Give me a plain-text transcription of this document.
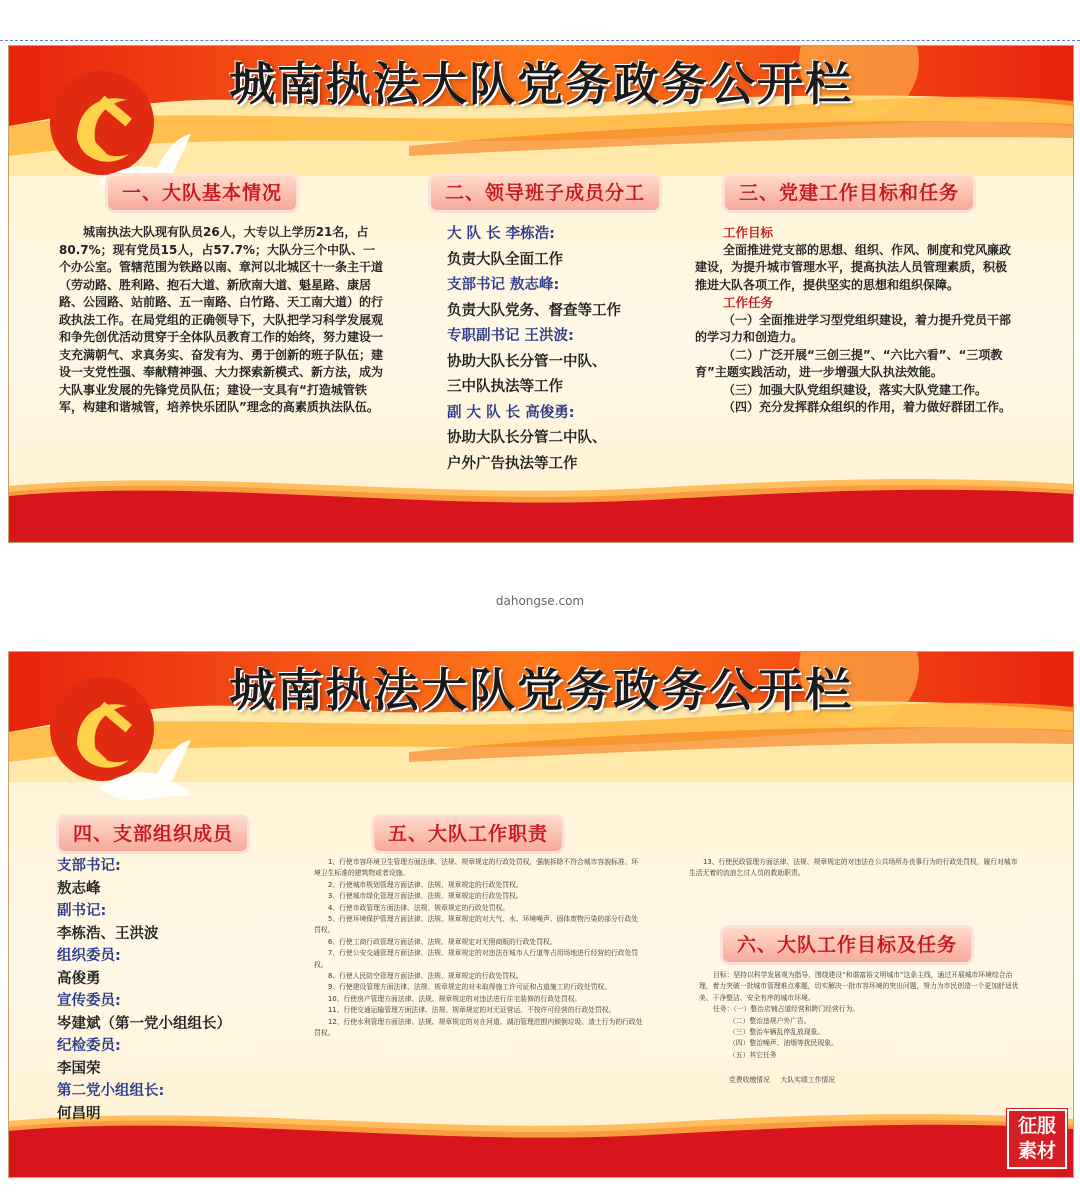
城南执法大队党务政务公开栏
一、大队基本情况
城南执法大队现有队员26人，大专以上学历21名，占80.7%；现有党员15人，占57.7%；大队分三个中队、一个办公室。管辖范围为铁路以南、章河以北城区十一条主干道（劳动路、胜利路、抱石大道、新欣南大道、魁星路、康居路、公园路、站前路、五一南路、白竹路、天工南大道）的行政执法工作。在局党组的正确领导下，大队把学习科学发展观和争先创优活动贯穿于全体队员教育工作的始终，努力建设一支充满朝气、求真务实、奋发有为、勇于创新的班子队伍；建设一支党性强、奉献精神强、大力探索新模式、新方法，成为大队事业发展的先锋党员队伍；建设一支具有“打造城管铁军，构建和谐城管，培养快乐团队”理念的高素质执法队伍。
二、领导班子成员分工
大 队 长 李栋浩:
负责大队全面工作
支部书记 敖志峰:
负责大队党务、督查等工作
专职副书记 王洪波:
协助大队长分管一中队、
三中队执法等工作
副 大 队 长 高俊勇:
协助大队长分管二中队、
户外广告执法等工作
三、党建工作目标和任务
工作目标
全面推进党支部的思想、组织、作风、制度和党风廉政建设，为提升城市管理水平，提高执法人员管理素质，积极推进大队各项工作，提供坚实的思想和组织保障。
工作任务
（一）全面推进学习型党组织建设，着力提升党员干部的学习力和创造力。
（二）广泛开展“三创三提”、“六比六看”、“三项教育”主题实践活动，进一步增强大队执法效能。
（三）加强大队党组织建设，落实大队党建工作。
（四）充分发挥群众组织的作用，着力做好群团工作。
dahongse.com
城南执法大队党务政务公开栏
四、支部组织成员
支部书记:
敖志峰
副书记:
李栋浩、王洪波
组织委员:
高俊勇
宣传委员:
岑建斌（第一党小组组长）
纪检委员:
李国荣
第二党小组组长:
何昌明
五、大队工作职责

1、行使市容环境卫生管理方面法律、法规、规章规定的行政处罚权，强制拆除不符合城市容貌标准、环境卫生标准的建筑物或者设施。

2、行使城市规划管理方面法律、法规、规章规定的行政处罚权。

3、行使城市绿化管理方面法律、法规、规章规定的行政处罚权。

4、行使市政管理方面法律、法规、规章规定的行政处罚权。

5、行使环境保护管理方面法律、法规、规章规定的对大气、水、环境噪声、固体废物污染的部分行政处罚权。

6、行使工商行政管理方面法律、法规、规章规定对无照商贩的行政处罚权。

7、行使公安交通管理方面法律、法规、规章规定的对违法在城市人行道等占用场地进行经营的行政处罚权。

8、行使人民防空管理方面法律、法规、规章规定的行政处罚权。

9、行使建设管理方面法律、法规、规章规定的对未取得施工许可证和占道施工的行政处罚权。

10、行使房产管理方面法律、法规、规章规定的对违法进行住宅装修的行政处罚权。

11、行使交通运输管理方面法律、法规、规章规定的对无证营运、不按许可经营的行政处罚权。

12、行使水利管理方面法律、法规、规章规定的对在河道、湖泊管理范围内倾倒垃圾、渣土行为的行政处罚权。

13、行使民政管理方面法律、法规、规章规定的对违法在公共场所办丧事行为的行政处罚权，履行对城市生活无着的流浪乞讨人员的救助职责。

六、大队工作目标及任务

目标：坚持以科学发展观为指导，围绕建设“和谐富裕文明城市”这条主线，通过开展城市环境综合治理，着力突破一批城市管理难点难题，切实解决一批市容环境的突出问题，努力为市民创造一个更加舒适优美、干净整洁、安全有序的城市环境。

任务：（一）整治店铺占道经营和跨门经营行为。

（二）整治违规户外广告。

（三）整治车辆乱停乱放现象。

（四）整治噪声、油烟等扰民现象。

（五）其它任务

党费收缴情况     大队实绩工作情况

征服
素材
